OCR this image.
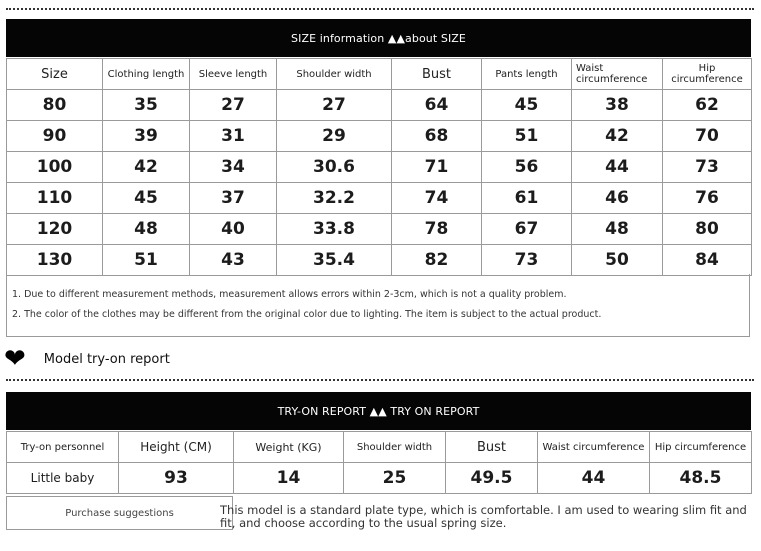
SIZE information ▲▲about SIZE
Size	Clothing length	Sleeve length	Shoulder width	Bust	Pants length	Waist circumference	Hip circumference
80	35	27	27	64	45	38	62
90	39	31	29	68	51	42	70
100	42	34	30.6	71	56	44	73
110	45	37	32.2	74	61	46	76
120	48	40	33.8	78	67	48	80
130	51	43	35.4	82	73	50	84
1. Due to different measurement methods, measurement allows errors within 2-3cm, which is not a quality problem.
2. The color of the clothes may be different from the original color due to lighting. The item is subject to the actual product.
❤ Model try-on report
TRY-ON REPORT ▲▲ TRY ON REPORT
Try-on personnel	Height (CM)	Weight (KG)	Shoulder width	Bust	Waist circumference	Hip circumference
Little baby	93	14	25	49.5	44	48.5
Purchase suggestions	This model is a standard plate type, which is comfortable. I am used to wearing slim fit and fit, and choose according to the usual spring size.
